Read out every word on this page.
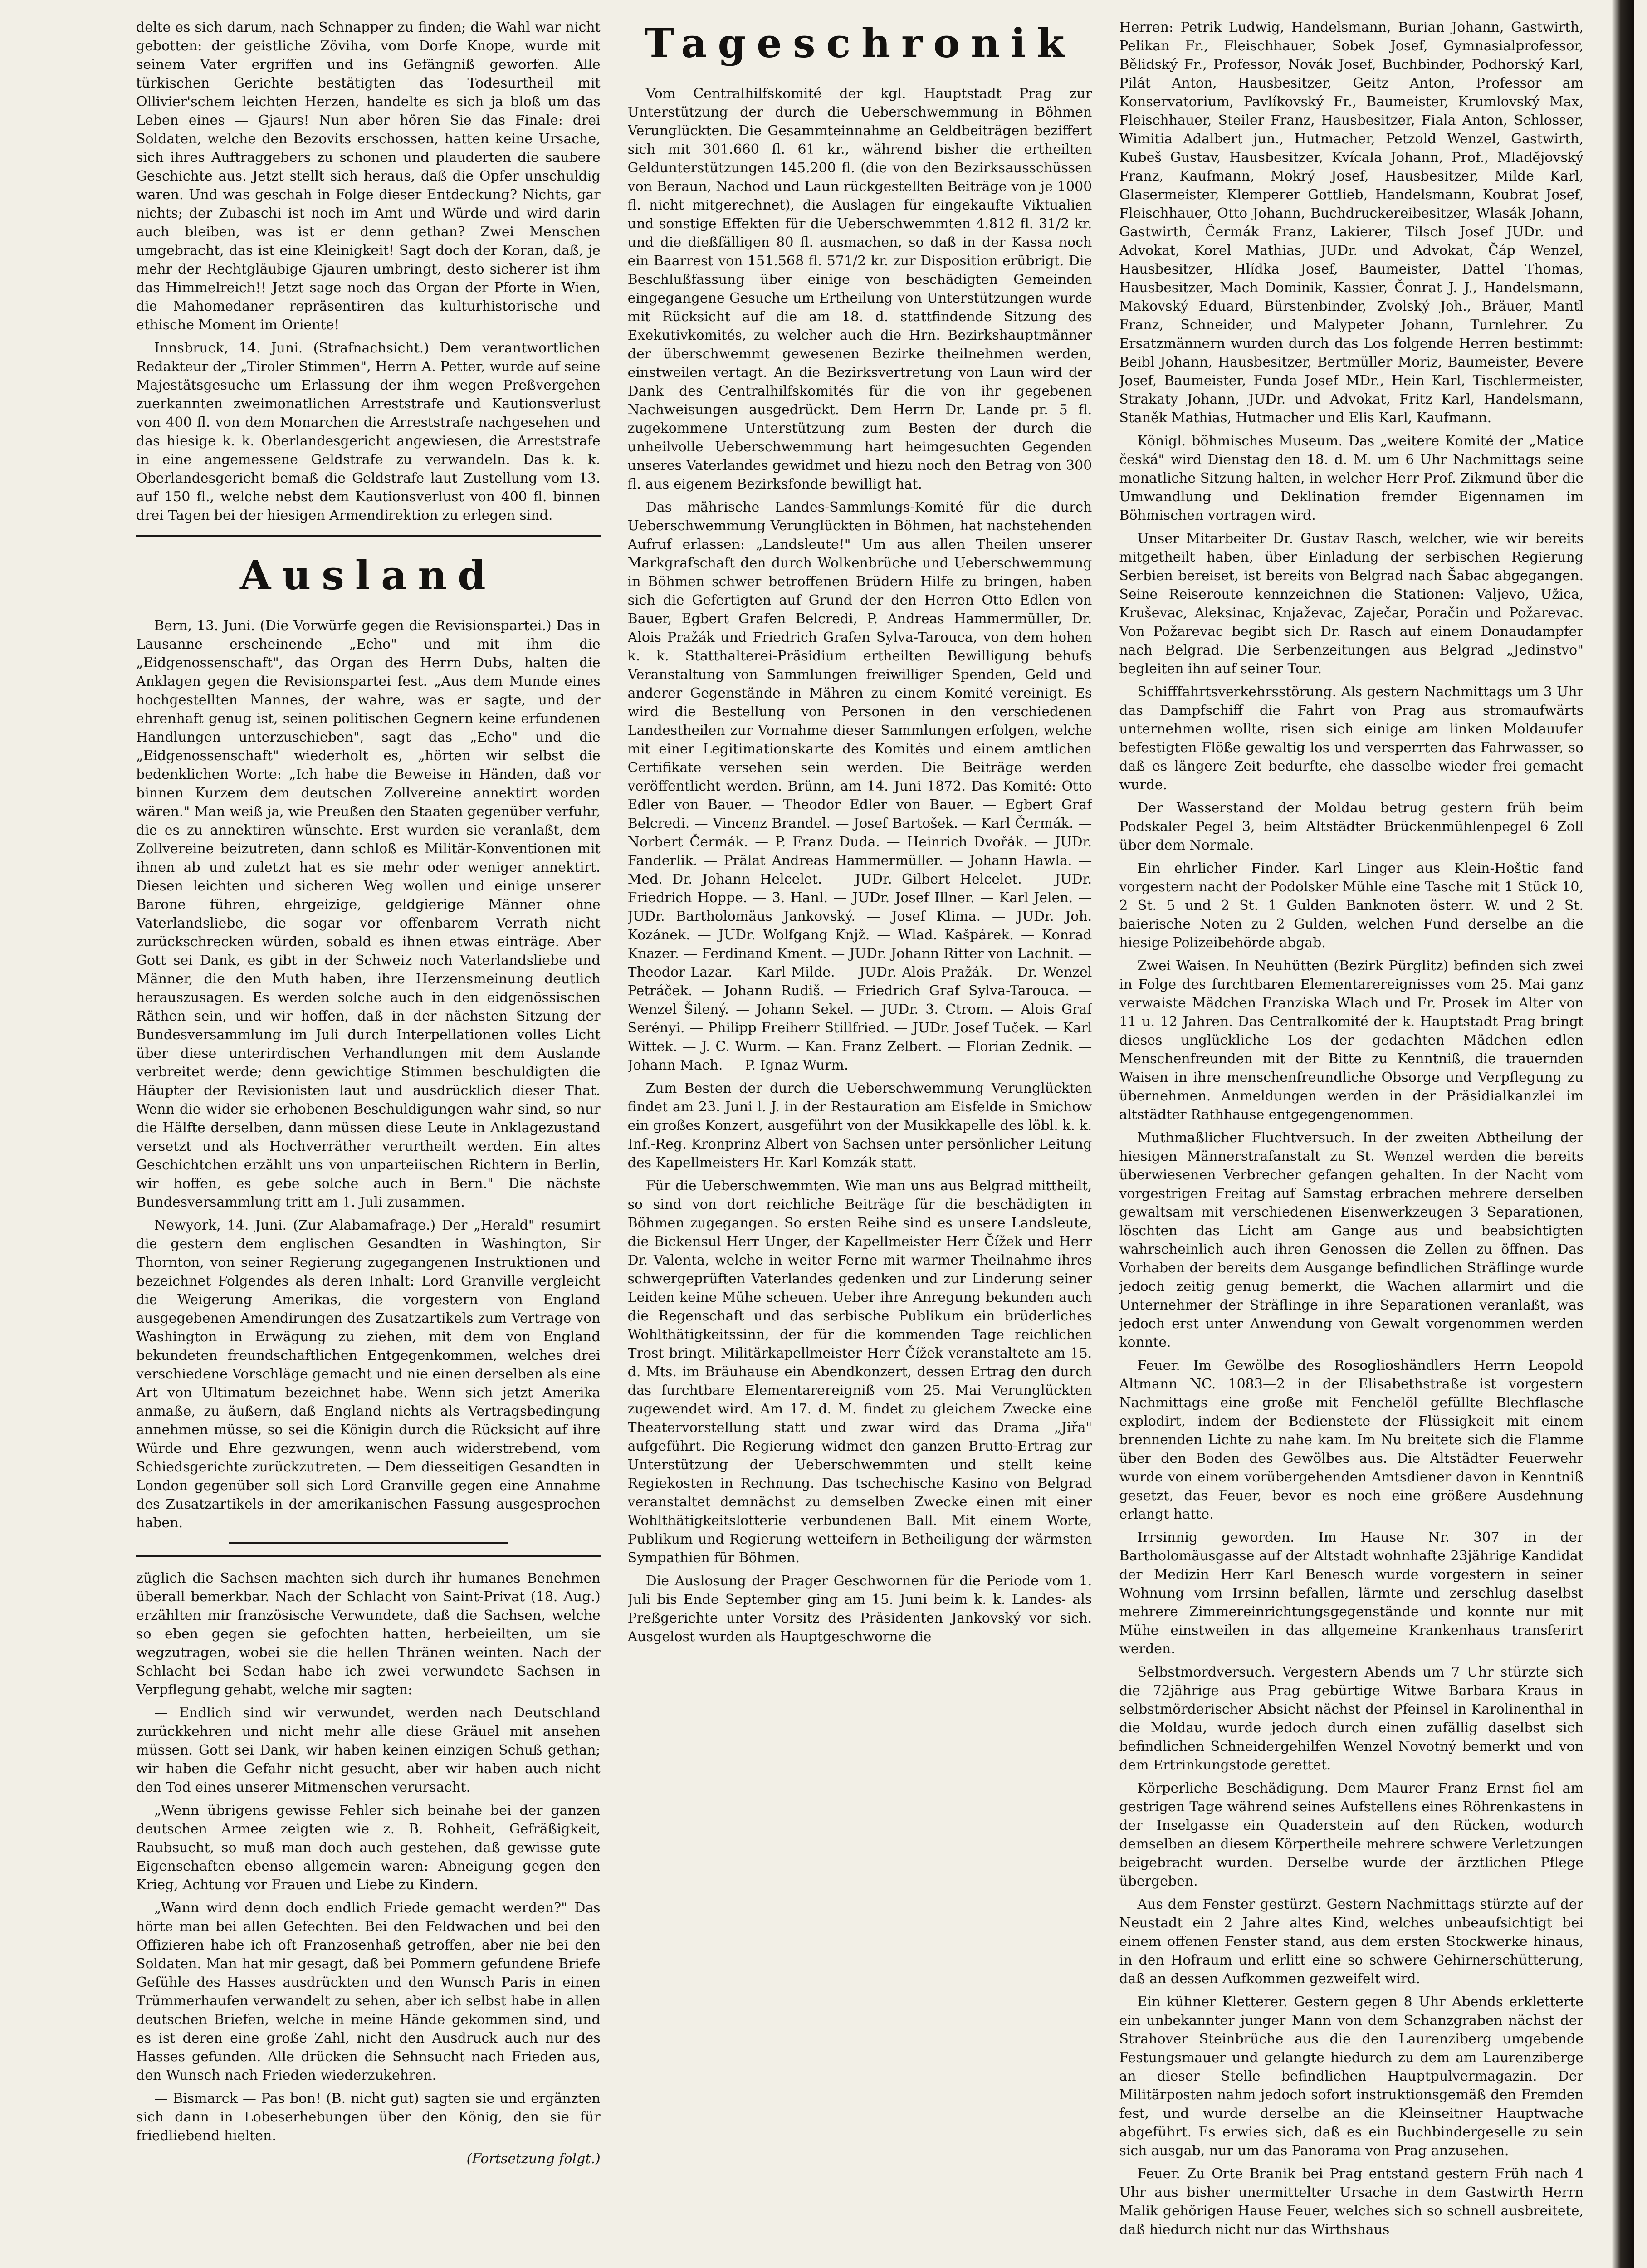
delte es sich darum, nach Schnapper zu finden; die Wahl war nicht gebotten: der geistliche Zöviha, vom Dorfe Knope, wurde mit seinem Vater ergriffen und ins Gefängniß geworfen. Alle türkischen Gerichte bestätigten das Todesurtheil mit Ollivier'schem leichten Herzen, handelte es sich ja bloß um das Leben eines — Gjaurs! Nun aber hören Sie das Finale: drei Soldaten, welche den Bezovits erschossen, hatten keine Ursache, sich ihres Auftraggebers zu schonen und plauderten die saubere Geschichte aus. Jetzt stellt sich heraus, daß die Opfer unschuldig waren. Und was geschah in Folge dieser Entdeckung? Nichts, gar nichts; der Zubaschi ist noch im Amt und Würde und wird darin auch bleiben, was ist er denn gethan? Zwei Menschen umgebracht, das ist eine Kleinigkeit! Sagt doch der Koran, daß, je mehr der Rechtgläubige Gjauren umbringt, desto sicherer ist ihm das Himmelreich!! Jetzt sage noch das Organ der Pforte in Wien, die Mahomedaner repräsentiren das kulturhistorische und ethische Moment im Oriente!

Innsbruck, 14. Juni. (Strafnachsicht.) Dem verantwortlichen Redakteur der „Tiroler Stimmen", Herrn A. Petter, wurde auf seine Majestätsgesuche um Erlassung der ihm wegen Preßvergehen zuerkannten zweimonatlichen Arreststrafe und Kautionsverlust von 400 fl. von dem Monarchen die Arreststrafe nachgesehen und das hiesige k. k. Oberlandesgericht angewiesen, die Arreststrafe in eine angemessene Geldstrafe zu verwandeln. Das k. k. Oberlandesgericht bemaß die Geldstrafe laut Zustellung vom 13. auf 150 fl., welche nebst dem Kautionsverlust von 400 fl. binnen drei Tagen bei der hiesigen Armendirektion zu erlegen sind.

Ausland

Bern, 13. Juni. (Die Vorwürfe gegen die Revisionspartei.) Das in Lausanne erscheinende „Echo" und mit ihm die „Eidgenossenschaft", das Organ des Herrn Dubs, halten die Anklagen gegen die Revisionspartei fest. „Aus dem Munde eines hochgestellten Mannes, der wahre, was er sagte, und der ehrenhaft genug ist, seinen politischen Gegnern keine erfundenen Handlungen unterzuschieben", sagt das „Echo" und die „Eidgenossenschaft" wiederholt es, „hörten wir selbst die bedenklichen Worte: „Ich habe die Beweise in Händen, daß vor binnen Kurzem dem deutschen Zollvereine annektirt worden wären." Man weiß ja, wie Preußen den Staaten gegenüber verfuhr, die es zu annektiren wünschte. Erst wurden sie veranlaßt, dem Zollvereine beizutreten, dann schloß es Militär-Konventionen mit ihnen ab und zuletzt hat es sie mehr oder weniger annektirt. Diesen leichten und sicheren Weg wollen und einige unserer Barone führen, ehrgeizige, geldgierige Männer ohne Vaterlandsliebe, die sogar vor offenbarem Verrath nicht zurückschrecken würden, sobald es ihnen etwas einträge. Aber Gott sei Dank, es gibt in der Schweiz noch Vaterlandsliebe und Männer, die den Muth haben, ihre Herzensmeinung deutlich herauszusagen. Es werden solche auch in den eidgenössischen Räthen sein, und wir hoffen, daß in der nächsten Sitzung der Bundesversammlung im Juli durch Interpellationen volles Licht über diese unterirdischen Verhandlungen mit dem Auslande verbreitet werde; denn gewichtige Stimmen beschuldigten die Häupter der Revisionisten laut und ausdrücklich dieser That. Wenn die wider sie erhobenen Beschuldigungen wahr sind, so nur die Hälfte derselben, dann müssen diese Leute in Anklagezustand versetzt und als Hochverräther verurtheilt werden. Ein altes Geschichtchen erzählt uns von unparteiischen Richtern in Berlin, wir hoffen, es gebe solche auch in Bern." Die nächste Bundesversammlung tritt am 1. Juli zusammen.

Newyork, 14. Juni. (Zur Alabamafrage.) Der „Herald" resumirt die gestern dem englischen Gesandten in Washington, Sir Thornton, von seiner Regierung zugegangenen Instruktionen und bezeichnet Folgendes als deren Inhalt: Lord Granville vergleicht die Weigerung Amerikas, die vorgestern von England ausgegebenen Amendirungen des Zusatzartikels zum Vertrage von Washington in Erwägung zu ziehen, mit dem von England bekundeten freundschaftlichen Entgegenkommen, welches drei verschiedene Vorschläge gemacht und nie einen derselben als eine Art von Ultimatum bezeichnet habe. Wenn sich jetzt Amerika anmaße, zu äußern, daß England nichts als Vertragsbedingung annehmen müsse, so sei die Königin durch die Rücksicht auf ihre Würde und Ehre gezwungen, wenn auch widerstrebend, vom Schiedsgerichte zurückzutreten. — Dem diesseitigen Gesandten in London gegenüber soll sich Lord Granville gegen eine Annahme des Zusatzartikels in der amerikanischen Fassung ausgesprochen haben.

züglich die Sachsen machten sich durch ihr humanes Benehmen überall bemerkbar. Nach der Schlacht von Saint-Privat (18. Aug.) erzählten mir französische Verwundete, daß die Sachsen, welche so eben gegen sie gefochten hatten, herbeieilten, um sie wegzutragen, wobei sie die hellen Thränen weinten. Nach der Schlacht bei Sedan habe ich zwei verwundete Sachsen in Verpflegung gehabt, welche mir sagten:

— Endlich sind wir verwundet, werden nach Deutschland zurückkehren und nicht mehr alle diese Gräuel mit ansehen müssen. Gott sei Dank, wir haben keinen einzigen Schuß gethan; wir haben die Gefahr nicht gesucht, aber wir haben auch nicht den Tod eines unserer Mitmenschen verursacht.

„Wenn übrigens gewisse Fehler sich beinahe bei der ganzen deutschen Armee zeigten wie z. B. Rohheit, Gefräßigkeit, Raubsucht, so muß man doch auch gestehen, daß gewisse gute Eigenschaften ebenso allgemein waren: Abneigung gegen den Krieg, Achtung vor Frauen und Liebe zu Kindern.

„Wann wird denn doch endlich Friede gemacht werden?" Das hörte man bei allen Gefechten. Bei den Feldwachen und bei den Offizieren habe ich oft Franzosenhaß getroffen, aber nie bei den Soldaten. Man hat mir gesagt, daß bei Pommern gefundene Briefe Gefühle des Hasses ausdrückten und den Wunsch Paris in einen Trümmerhaufen verwandelt zu sehen, aber ich selbst habe in allen deutschen Briefen, welche in meine Hände gekommen sind, und es ist deren eine große Zahl, nicht den Ausdruck auch nur des Hasses gefunden. Alle drücken die Sehnsucht nach Frieden aus, den Wunsch nach Frieden wiederzukehren.

— Bismarck — Pas bon! (B. nicht gut) sagten sie und ergänzten sich dann in Lobeserhebungen über den König, den sie für friedliebend hielten.

(Fortsetzung folgt.)

Tageschronik

Vom Centralhilfskomité der kgl. Hauptstadt Prag zur Unterstützung der durch die Ueberschwemmung in Böhmen Verunglückten. Die Gesammteinnahme an Geldbeiträgen beziffert sich mit 301.660 fl. 61 kr., während bisher die ertheilten Geldunterstützungen 145.200 fl. (die von den Bezirksausschüssen von Beraun, Nachod und Laun rückgestellten Beiträge von je 1000 fl. nicht mitgerechnet), die Auslagen für eingekaufte Viktualien und sonstige Effekten für die Ueberschwemmten 4.812 fl. 31/2 kr. und die dießfälligen 80 fl. ausmachen, so daß in der Kassa noch ein Baarrest von 151.568 fl. 571/2 kr. zur Disposition erübrigt. Die Beschlußfassung über einige von beschädigten Gemeinden eingegangene Gesuche um Ertheilung von Unterstützungen wurde mit Rücksicht auf die am 18. d. stattfindende Sitzung des Exekutivkomités, zu welcher auch die Hrn. Bezirkshauptmänner der überschwemmt gewesenen Bezirke theilnehmen werden, einstweilen vertagt. An die Bezirksvertretung von Laun wird der Dank des Centralhilfskomités für die von ihr gegebenen Nachweisungen ausgedrückt. Dem Herrn Dr. Lande pr. 5 fl. zugekommene Unterstützung zum Besten der durch die unheilvolle Ueberschwemmung hart heimgesuchten Gegenden unseres Vaterlandes gewidmet und hiezu noch den Betrag von 300 fl. aus eigenem Bezirksfonde bewilligt hat.

Das mährische Landes-Sammlungs-Komité für die durch Ueberschwemmung Verunglückten in Böhmen, hat nachstehenden Aufruf erlassen: „Landsleute!" Um aus allen Theilen unserer Markgrafschaft den durch Wolkenbrüche und Ueberschwemmung in Böhmen schwer betroffenen Brüdern Hilfe zu bringen, haben sich die Gefertigten auf Grund der den Herren Otto Edlen von Bauer, Egbert Grafen Belcredi, P. Andreas Hammermüller, Dr. Alois Pražák und Friedrich Grafen Sylva-Tarouca, von dem hohen k. k. Statthalterei-Präsidium ertheilten Bewilligung behufs Veranstaltung von Sammlungen freiwilliger Spenden, Geld und anderer Gegenstände in Mähren zu einem Komité vereinigt. Es wird die Bestellung von Personen in den verschiedenen Landestheilen zur Vornahme dieser Sammlungen erfolgen, welche mit einer Legitimationskarte des Komités und einem amtlichen Certifikate versehen sein werden. Die Beiträge werden veröffentlicht werden. Brünn, am 14. Juni 1872. Das Komité: Otto Edler von Bauer. — Theodor Edler von Bauer. — Egbert Graf Belcredi. — Vincenz Brandel. — Josef Bartošek. — Karl Čermák. — Norbert Čermák. — P. Franz Duda. — Heinrich Dvořák. — JUDr. Fanderlik. — Prälat Andreas Hammermüller. — Johann Hawla. — Med. Dr. Johann Helcelet. — JUDr. Gilbert Helcelet. — JUDr. Friedrich Hoppe. — 3. Hanl. — JUDr. Josef Illner. — Karl Jelen. — JUDr. Bartholomäus Jankovský. — Josef Klima. — JUDr. Joh. Kozánek. — JUDr. Wolfgang Knjž. — Wlad. Kašpárek. — Konrad Knazer. — Ferdinand Kment. — JUDr. Johann Ritter von Lachnit. — Theodor Lazar. — Karl Milde. — JUDr. Alois Pražák. — Dr. Wenzel Petráček. — Johann Rudiš. — Friedrich Graf Sylva-Tarouca. — Wenzel Šilený. — Johann Sekel. — JUDr. 3. Ctrom. — Alois Graf Serényi. — Philipp Freiherr Stillfried. — JUDr. Josef Tuček. — Karl Wittek. — J. C. Wurm. — Kan. Franz Zelbert. — Florian Zednik. — Johann Mach. — P. Ignaz Wurm.

Zum Besten der durch die Ueberschwemmung Verunglückten findet am 23. Juni l. J. in der Restauration am Eisfelde in Smichow ein großes Konzert, ausgeführt von der Musikkapelle des löbl. k. k. Inf.-Reg. Kronprinz Albert von Sachsen unter persönlicher Leitung des Kapellmeisters Hr. Karl Komzák statt.

Für die Ueberschwemmten. Wie man uns aus Belgrad mittheilt, so sind von dort reichliche Beiträge für die beschädigten in Böhmen zugegangen. So ersten Reihe sind es unsere Landsleute, die Bickensul Herr Unger, der Kapellmeister Herr Čížek und Herr Dr. Valenta, welche in weiter Ferne mit warmer Theilnahme ihres schwergeprüften Vaterlandes gedenken und zur Linderung seiner Leiden keine Mühe scheuen. Ueber ihre Anregung bekunden auch die Regenschaft und das serbische Publikum ein brüderliches Wohlthätigkeitssinn, der für die kommenden Tage reichlichen Trost bringt. Militärkapellmeister Herr Čížek veranstaltete am 15. d. Mts. im Bräuhause ein Abendkonzert, dessen Ertrag den durch das furchtbare Elementarereigniß vom 25. Mai Verunglückten zugewendet wird. Am 17. d. M. findet zu gleichem Zwecke eine Theatervorstellung statt und zwar wird das Drama „Jiřa" aufgeführt. Die Regierung widmet den ganzen Brutto-Ertrag zur Unterstützung der Ueberschwemmten und stellt keine Regiekosten in Rechnung. Das tschechische Kasino von Belgrad veranstaltet demnächst zu demselben Zwecke einen mit einer Wohlthätigkeitslotterie verbundenen Ball. Mit einem Worte, Publikum und Regierung wetteifern in Betheiligung der wärmsten Sympathien für Böhmen.

Die Auslosung der Prager Geschwornen für die Periode vom 1. Juli bis Ende September ging am 15. Juni beim k. k. Landes- als Preßgerichte unter Vorsitz des Präsidenten Jankovský vor sich. Ausgelost wurden als Hauptgeschworne die

Herren: Petrik Ludwig, Handelsmann, Burian Johann, Gastwirth, Pelikan Fr., Fleischhauer, Sobek Josef, Gymnasialprofessor, Bělidský Fr., Professor, Novák Josef, Buchbinder, Podhorský Karl, Pilát Anton, Hausbesitzer, Geitz Anton, Professor am Konservatorium, Pavlíkovský Fr., Baumeister, Krumlovský Max, Fleischhauer, Steiler Franz, Hausbesitzer, Fiala Anton, Schlosser, Wimitia Adalbert jun., Hutmacher, Petzold Wenzel, Gastwirth, Kubeš Gustav, Hausbesitzer, Kvícala Johann, Prof., Mladějovský Franz, Kaufmann, Mokrý Josef, Hausbesitzer, Milde Karl, Glasermeister, Klemperer Gottlieb, Handelsmann, Koubrat Josef, Fleischhauer, Otto Johann, Buchdruckereibesitzer, Wlasák Johann, Gastwirth, Čermák Franz, Lakierer, Tilsch Josef JUDr. und Advokat, Korel Mathias, JUDr. und Advokat, Čáp Wenzel, Hausbesitzer, Hlídka Josef, Baumeister, Dattel Thomas, Hausbesitzer, Mach Dominik, Kassier, Čonrat J. J., Handelsmann, Makovský Eduard, Bürstenbinder, Zvolský Joh., Bräuer, Mantl Franz, Schneider, und Malypeter Johann, Turnlehrer. Zu Ersatzmännern wurden durch das Los folgende Herren bestimmt: Beibl Johann, Hausbesitzer, Bertmüller Moriz, Baumeister, Bevere Josef, Baumeister, Funda Josef MDr., Hein Karl, Tischlermeister, Strakaty Johann, JUDr. und Advokat, Fritz Karl, Handelsmann, Staněk Mathias, Hutmacher und Elis Karl, Kaufmann.

Königl. böhmisches Museum. Das „weitere Komité der „Matice česká" wird Dienstag den 18. d. M. um 6 Uhr Nachmittags seine monatliche Sitzung halten, in welcher Herr Prof. Zikmund über die Umwandlung und Deklination fremder Eigennamen im Böhmischen vortragen wird.

Unser Mitarbeiter Dr. Gustav Rasch, welcher, wie wir bereits mitgetheilt haben, über Einladung der serbischen Regierung Serbien bereiset, ist bereits von Belgrad nach Šabac abgegangen. Seine Reiseroute kennzeichnen die Stationen: Valjevo, Užica, Kruševac, Aleksinac, Knjaževac, Zaječar, Poračin und Požarevac. Von Požarevac begibt sich Dr. Rasch auf einem Donaudampfer nach Belgrad. Die Serbenzeitungen aus Belgrad „Jedinstvo" begleiten ihn auf seiner Tour.

Schifffahrtsverkehrsstörung. Als gestern Nachmittags um 3 Uhr das Dampfschiff die Fahrt von Prag aus stromaufwärts unternehmen wollte, risen sich einige am linken Moldauufer befestigten Flöße gewaltig los und versperrten das Fahrwasser, so daß es längere Zeit bedurfte, ehe dasselbe wieder frei gemacht wurde.

Der Wasserstand der Moldau betrug gestern früh beim Podskaler Pegel 3, beim Altstädter Brückenmühlenpegel 6 Zoll über dem Normale.

Ein ehrlicher Finder. Karl Linger aus Klein-Hoštic fand vorgestern nacht der Podolsker Mühle eine Tasche mit 1 Stück 10, 2 St. 5 und 2 St. 1 Gulden Banknoten österr. W. und 2 St. baierische Noten zu 2 Gulden, welchen Fund derselbe an die hiesige Polizeibehörde abgab.

Zwei Waisen. In Neuhütten (Bezirk Pürglitz) befinden sich zwei in Folge des furchtbaren Elementarereignisses vom 25. Mai ganz verwaiste Mädchen Franziska Wlach und Fr. Prosek im Alter von 11 u. 12 Jahren. Das Centralkomité der k. Hauptstadt Prag bringt dieses unglückliche Los der gedachten Mädchen edlen Menschenfreunden mit der Bitte zu Kenntniß, die trauernden Waisen in ihre menschenfreundliche Obsorge und Verpflegung zu übernehmen. Anmeldungen werden in der Präsidialkanzlei im altstädter Rathhause entgegengenommen.

Muthmaßlicher Fluchtversuch. In der zweiten Abtheilung der hiesigen Männerstrafanstalt zu St. Wenzel werden die bereits überwiesenen Verbrecher gefangen gehalten. In der Nacht vom vorgestrigen Freitag auf Samstag erbrachen mehrere derselben gewaltsam mit verschiedenen Eisenwerkzeugen 3 Separationen, löschten das Licht am Gange aus und beabsichtigten wahrscheinlich auch ihren Genossen die Zellen zu öffnen. Das Vorhaben der bereits dem Ausgange befindlichen Sträflinge wurde jedoch zeitig genug bemerkt, die Wachen allarmirt und die Unternehmer der Sträflinge in ihre Separationen veranlaßt, was jedoch erst unter Anwendung von Gewalt vorgenommen werden konnte.

Feuer. Im Gewölbe des Rosoglioshändlers Herrn Leopold Altmann NC. 1083—2 in der Elisabethstraße ist vorgestern Nachmittags eine große mit Fenchelöl gefüllte Blechflasche explodirt, indem der Bedienstete der Flüssigkeit mit einem brennenden Lichte zu nahe kam. Im Nu breitete sich die Flamme über den Boden des Gewölbes aus. Die Altstädter Feuerwehr wurde von einem vorübergehenden Amtsdiener davon in Kenntniß gesetzt, das Feuer, bevor es noch eine größere Ausdehnung erlangt hatte.

Irrsinnig geworden. Im Hause Nr. 307 in der Bartholomäusgasse auf der Altstadt wohnhafte 23jährige Kandidat der Medizin Herr Karl Benesch wurde vorgestern in seiner Wohnung vom Irrsinn befallen, lärmte und zerschlug daselbst mehrere Zimmereinrichtungsgegenstände und konnte nur mit Mühe einstweilen in das allgemeine Krankenhaus transferirt werden.

Selbstmordversuch. Vergestern Abends um 7 Uhr stürzte sich die 72jährige aus Prag gebürtige Witwe Barbara Kraus in selbstmörderischer Absicht nächst der Pfeinsel in Karolinenthal in die Moldau, wurde jedoch durch einen zufällig daselbst sich befindlichen Schneidergehilfen Wenzel Novotný bemerkt und von dem Ertrinkungstode gerettet.

Körperliche Beschädigung. Dem Maurer Franz Ernst fiel am gestrigen Tage während seines Aufstellens eines Röhrenkastens in der Inselgasse ein Quaderstein auf den Rücken, wodurch demselben an diesem Körpertheile mehrere schwere Verletzungen beigebracht wurden. Derselbe wurde der ärztlichen Pflege übergeben.

Aus dem Fenster gestürzt. Gestern Nachmittags stürzte auf der Neustadt ein 2 Jahre altes Kind, welches unbeaufsichtigt bei einem offenen Fenster stand, aus dem ersten Stockwerke hinaus, in den Hofraum und erlitt eine so schwere Gehirnerschütterung, daß an dessen Aufkommen gezweifelt wird.

Ein kühner Kletterer. Gestern gegen 8 Uhr Abends erkletterte ein unbekannter junger Mann von dem Schanzgraben nächst der Strahover Steinbrüche aus die den Laurenziberg umgebende Festungsmauer und gelangte hiedurch zu dem am Laurenziberge an dieser Stelle befindlichen Hauptpulvermagazin. Der Militärposten nahm jedoch sofort instruktionsgemäß den Fremden fest, und wurde derselbe an die Kleinseitner Hauptwache abgeführt. Es erwies sich, daß es ein Buchbindergeselle zu sein sich ausgab, nur um das Panorama von Prag anzusehen.

Feuer. Zu Orte Branik bei Prag entstand gestern Früh nach 4 Uhr aus bisher unermittelter Ursache in dem Gastwirth Herrn Malik gehörigen Hause Feuer, welches sich so schnell ausbreitete, daß hiedurch nicht nur das Wirthshaus
